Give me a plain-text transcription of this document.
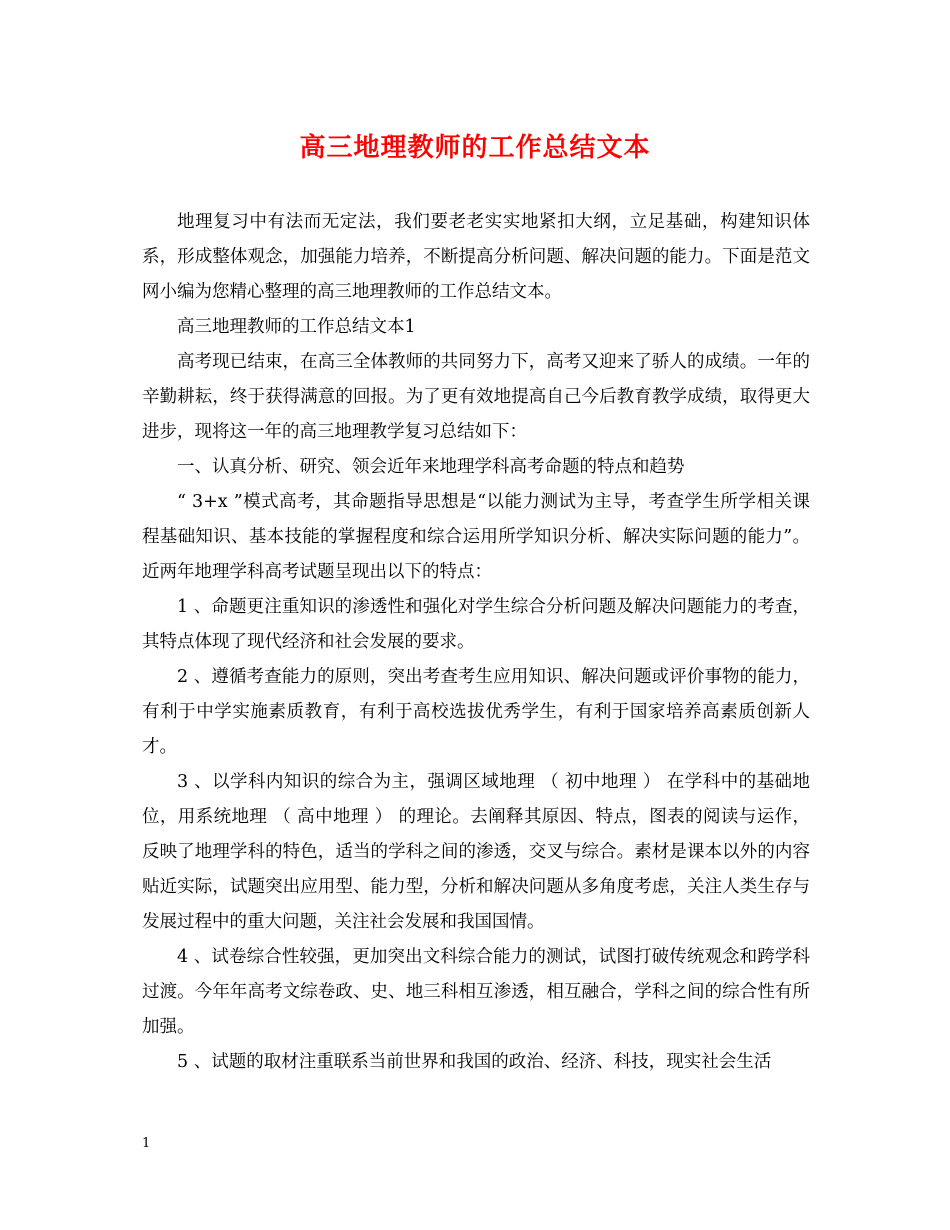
高三地理教师的工作总结文本

地理复习中有法而无定法，我们要老老实实地紧扣大纲，立足基础，构建知识体系，形成整体观念，加强能力培养，不断提高分析问题、解决问题的能力。下面是范文网小编为您精心整理的高三地理教师的工作总结文本。

高三地理教师的工作总结文本1

高考现已结束，在高三全体教师的共同努力下，高考又迎来了骄人的成绩。一年的辛勤耕耘，终于获得满意的回报。为了更有效地提高自己今后教育教学成绩，取得更大进步，现将这一年的高三地理教学复习总结如下：

一、认真分析、研究、领会近年来地理学科高考命题的特点和趋势

“ 3+x ”模式高考，其命题指导思想是“以能力测试为主导，考查学生所学相关课程基础知识、基本技能的掌握程度和综合运用所学知识分析、解决实际问题的能力”。近两年地理学科高考试题呈现出以下的特点：

1 、命题更注重知识的渗透性和强化对学生综合分析问题及解决问题能力的考查，其特点体现了现代经济和社会发展的要求。

2 、遵循考查能力的原则，突出考查考生应用知识、解决问题或评价事物的能力，有利于中学实施素质教育，有利于高校选拔优秀学生，有利于国家培养高素质创新人才。

3 、以学科内知识的综合为主，强调区域地理 （ 初中地理 ） 在学科中的基础地位，用系统地理 （ 高中地理 ） 的理论。去阐释其原因、特点，图表的阅读与运作，反映了地理学科的特色，适当的学科之间的渗透，交叉与综合。素材是课本以外的内容贴近实际，试题突出应用型、能力型，分析和解决问题从多角度考虑，关注人类生存与发展过程中的重大问题，关注社会发展和我国国情。

4 、试卷综合性较强，更加突出文科综合能力的测试，试图打破传统观念和跨学科过渡。今年年高考文综卷政、史、地三科相互渗透，相互融合，学科之间的综合性有所加强。

5 、试题的取材注重联系当前世界和我国的政治、经济、科技，现实社会生活

1
